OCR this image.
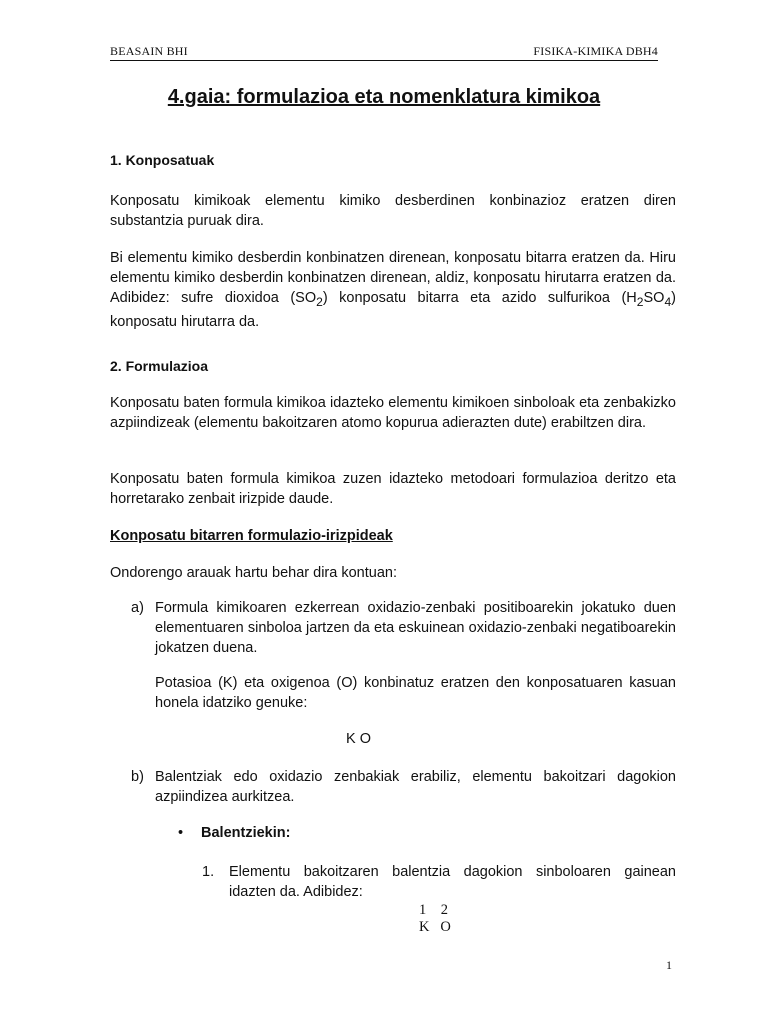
BEASAIN BHI	FISIKA-KIMIKA DBH4
4.gaia: formulazioa eta nomenklatura kimikoa
1. Konposatuak
Konposatu kimikoak elementu kimiko desberdinen konbinazioz eratzen diren substantzia puruak dira.
Bi elementu kimiko desberdin konbinatzen direnean, konposatu bitarra eratzen da. Hiru elementu kimiko desberdin konbinatzen direnean, aldiz, konposatu hirutarra eratzen da. Adibidez: sufre dioxidoa $(SO_2)$ konposatu bitarra eta azido sulfurikoa $(H_2SO_4)$ konposatu hirutarra da.
2. Formulazioa
Konposatu baten formula kimikoa idazteko elementu kimikoen sinboloak eta zenbakizko azpiindizeak (elementu bakoitzaren atomo kopurua adierazten dute) erabiltzen dira.
Konposatu baten formula kimikoa zuzen idazteko metodoari formulazioa deritzo eta horretarako zenbait irizpide daude.
Konposatu bitarren formulazio-irizpideak
Ondorengo arauak hartu behar dira kontuan:
a) Formula kimikoaren ezkerrean oxidazio-zenbaki positiboarekin jokatuko duen elementuaren sinboloa jartzen da eta eskuinean oxidazio-zenbaki negatiboarekin jokatzen duena.
Potasioa (K) eta oxigenoa (O) konbinatuz eratzen den konposatuaren kasuan honela idatziko genuke:
K O
b) Balentziak edo oxidazio zenbakiak erabiliz, elementu bakoitzari dagokion azpiindizea aurkitzea.
• Balentziekin:
1. Elementu bakoitzaren balentzia dagokion sinboloaren gainean idazten da. Adibidez:
1    2
K   O
1
